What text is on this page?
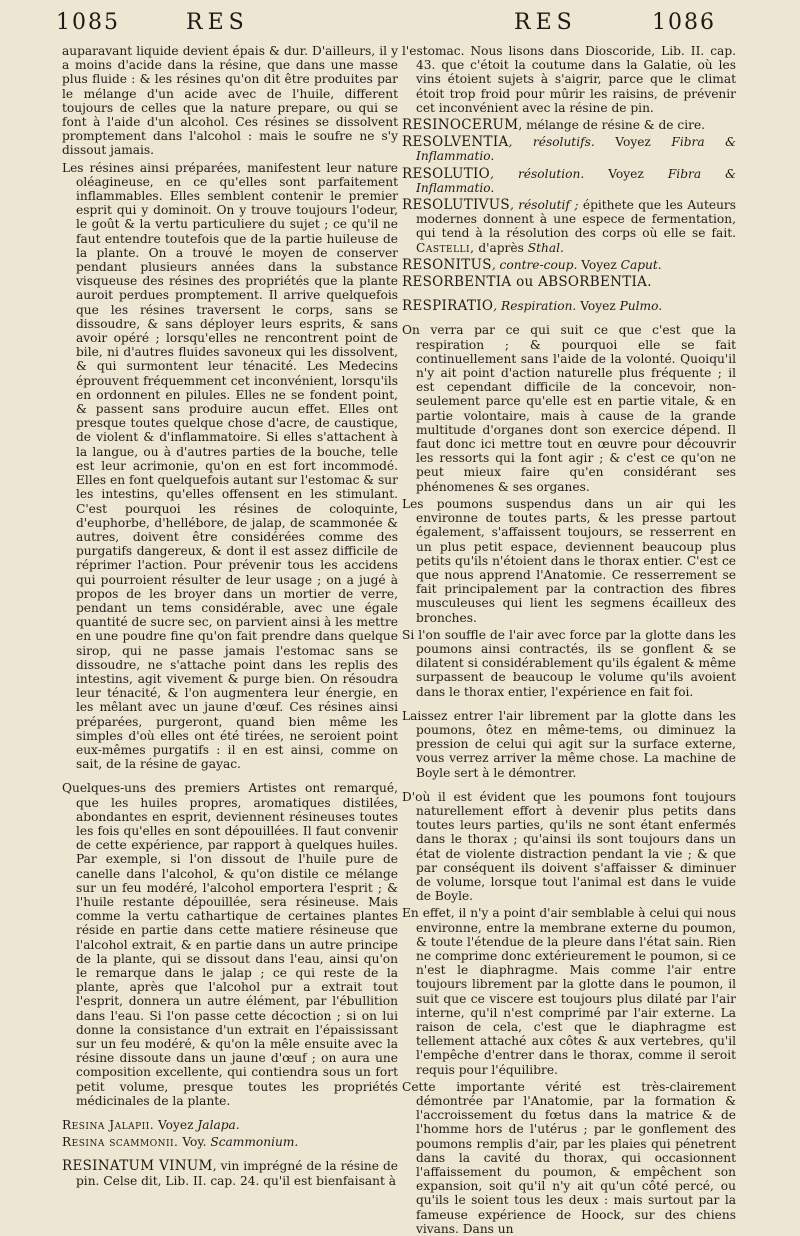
1085	RES	RES	1086

auparavant liquide devient épais & dur. D'ailleurs, il y a moins d'acide dans la résine, que dans une masse plus fluide : & les résines qu'on dit être produites par le mélange d'un acide avec de l'huile, different toujours de celles que la nature prepare, ou qui se font à l'aide d'un alcohol. Ces résines se dissolvent promptement dans l'alcohol : mais le soufre ne s'y dissout jamais.

Les résines ainsi préparées, manifestent leur nature oléagineuse, en ce qu'elles sont parfaitement inflammables. Elles semblent contenir le premier esprit qui y dominoit. On y trouve toujours l'odeur, le goût & la vertu particuliere du sujet ; ce qu'il ne faut entendre toutefois que de la partie huileuse de la plante. On a trouvé le moyen de conserver pendant plusieurs années dans la substance visqueuse des résines des propriétés que la plante auroit perdues promptement. Il arrive quelquefois que les résines traversent le corps, sans se dissoudre, & sans déployer leurs esprits, & sans avoir opéré ; lorsqu'elles ne rencontrent point de bile, ni d'autres fluides savoneux qui les dissolvent, & qui surmontent leur ténacité. Les Medecins éprouvent fréquemment cet inconvénient, lorsqu'ils en ordonnent en pilules. Elles ne se fondent point, & passent sans produire aucun effet. Elles ont presque toutes quelque chose d'acre, de caustique, de violent & d'inflammatoire. Si elles s'attachent à la langue, ou à d'autres parties de la bouche, telle est leur acrimonie, qu'on en est fort incommodé. Elles en font quelquefois autant sur l'estomac & sur les intestins, qu'elles offensent en les stimulant. C'est pourquoi les résines de coloquinte, d'euphorbe, d'hellébore, de jalap, de scammonée & autres, doivent être considérées comme des purgatifs dangereux, & dont il est assez difficile de réprimer l'action. Pour prévenir tous les accidens qui pourroient résulter de leur usage ; on a jugé à propos de les broyer dans un mortier de verre, pendant un tems considérable, avec une égale quantité de sucre sec, on parvient ainsi à les mettre en une poudre fine qu'on fait prendre dans quelque sirop, qui ne passe jamais l'estomac sans se dissoudre, ne s'attache point dans les replis des intestins, agit vivement & purge bien. On résoudra leur ténacité, & l'on augmentera leur énergie, en les mêlant avec un jaune d'œuf. Ces résines ainsi préparées, purgeront, quand bien même les simples d'où elles ont été tirées, ne seroient point eux-mêmes purgatifs : il en est ainsi, comme on sait, de la résine de gayac.

Quelques-uns des premiers Artistes ont remarqué, que les huiles propres, aromatiques distilées, abondantes en esprit, deviennent résineuses toutes les fois qu'elles en sont dépouillées. Il faut convenir de cette expérience, par rapport à quelques huiles. Par exemple, si l'on dissout de l'huile pure de canelle dans l'alcohol, & qu'on distile ce mélange sur un feu modéré, l'alcohol emportera l'esprit ; & l'huile restante dépouillée, sera résineuse. Mais comme la vertu cathartique de certaines plantes réside en partie dans cette matiere résineuse que l'alcohol extrait, & en partie dans un autre principe de la plante, qui se dissout dans l'eau, ainsi qu'on le remarque dans le jalap ; ce qui reste de la plante, après que l'alcohol pur a extrait tout l'esprit, donnera un autre élément, par l'ébullition dans l'eau. Si l'on passe cette décoction ; si on lui donne la consistance d'un extrait en l'épaississant sur un feu modéré, & qu'on la mêle ensuite avec la résine dissoute dans un jaune d'œuf ; on aura une composition excellente, qui contiendra sous un fort petit volume, presque toutes les propriétés médicinales de la plante.

Resina Jalapii. Voyez Jalapa.

Resina scammonii. Voy. Scammonium.

RESINATUM VINUM, vin imprégné de la résine de pin. Celse dit, Lib. II. cap. 24. qu'il est bienfaisant à

l'estomac. Nous lisons dans Dioscoride, Lib. II. cap. 43. que c'étoit la coutume dans la Galatie, où les vins étoient sujets à s'aigrir, parce que le climat étoit trop froid pour mûrir les raisins, de prévenir cet inconvénient avec la résine de pin.

RESINOCERUM, mélange de résine & de cire.

RESOLVENTIA, résolutifs. Voyez Fibra & Inflammatio.

RESOLUTIO, résolution. Voyez Fibra & Inflammatio.

RESOLUTIVUS, résolutif ; épithete que les Auteurs modernes donnent à une espece de fermentation, qui tend à la résolution des corps où elle se fait. Castelli, d'après Sthal.

RESONITUS, contre-coup. Voyez Caput.

RESORBENTIA ou ABSORBENTIA.

RESPIRATIO, Respiration. Voyez Pulmo.

On verra par ce qui suit ce que c'est que la respiration ; & pourquoi elle se fait continuellement sans l'aide de la volonté. Quoiqu'il n'y ait point d'action naturelle plus fréquente ; il est cependant difficile de la concevoir, non-seulement parce qu'elle est en partie vitale, & en partie volontaire, mais à cause de la grande multitude d'organes dont son exercice dépend. Il faut donc ici mettre tout en œuvre pour découvrir les ressorts qui la font agir ; & c'est ce qu'on ne peut mieux faire qu'en considérant ses phénomenes & ses organes.

Les poumons suspendus dans un air qui les environne de toutes parts, & les presse partout également, s'affaissent toujours, se resserrent en un plus petit espace, deviennent beaucoup plus petits qu'ils n'étoient dans le thorax entier. C'est ce que nous apprend l'Anatomie. Ce resserrement se fait principalement par la contraction des fibres musculeuses qui lient les segmens écailleux des bronches.

Si l'on souffle de l'air avec force par la glotte dans les poumons ainsi contractés, ils se gonflent & se dilatent si considérablement qu'ils égalent & même surpassent de beaucoup le volume qu'ils avoient dans le thorax entier, l'expérience en fait foi.

Laissez entrer l'air librement par la glotte dans les poumons, ôtez en même-tems, ou diminuez la pression de celui qui agit sur la surface externe, vous verrez arriver la même chose. La machine de Boyle sert à le démontrer.

D'où il est évident que les poumons font toujours naturellement effort à devenir plus petits dans toutes leurs parties, qu'ils ne sont étant enfermés dans le thorax ; qu'ainsi ils sont toujours dans un état de violente distraction pendant la vie ; & que par conséquent ils doivent s'affaisser & diminuer de volume, lorsque tout l'animal est dans le vuide de Boyle.

En effet, il n'y a point d'air semblable à celui qui nous environne, entre la membrane externe du poumon, & toute l'étendue de la pleure dans l'état sain. Rien ne comprime donc extérieurement le poumon, si ce n'est le diaphragme. Mais comme l'air entre toujours librement par la glotte dans le poumon, il suit que ce viscere est toujours plus dilaté par l'air interne, qu'il n'est comprimé par l'air externe. La raison de cela, c'est que le diaphragme est tellement attaché aux côtes & aux vertebres, qu'il l'empêche d'entrer dans le thorax, comme il seroit requis pour l'équilibre.

Cette importante vérité est très-clairement démontrée par l'Anatomie, par la formation & l'accroissement du fœtus dans la matrice & de l'homme hors de l'utérus ; par le gonflement des poumons remplis d'air, par les plaies qui pénetrent dans la cavité du thorax, qui occasionnent l'affaissement du poumon, & empêchent son expansion, soit qu'il n'y ait qu'un côté percé, ou qu'ils le soient tous les deux : mais surtout par la fameuse expérience de Hoock, sur des chiens vivans. Dans un
